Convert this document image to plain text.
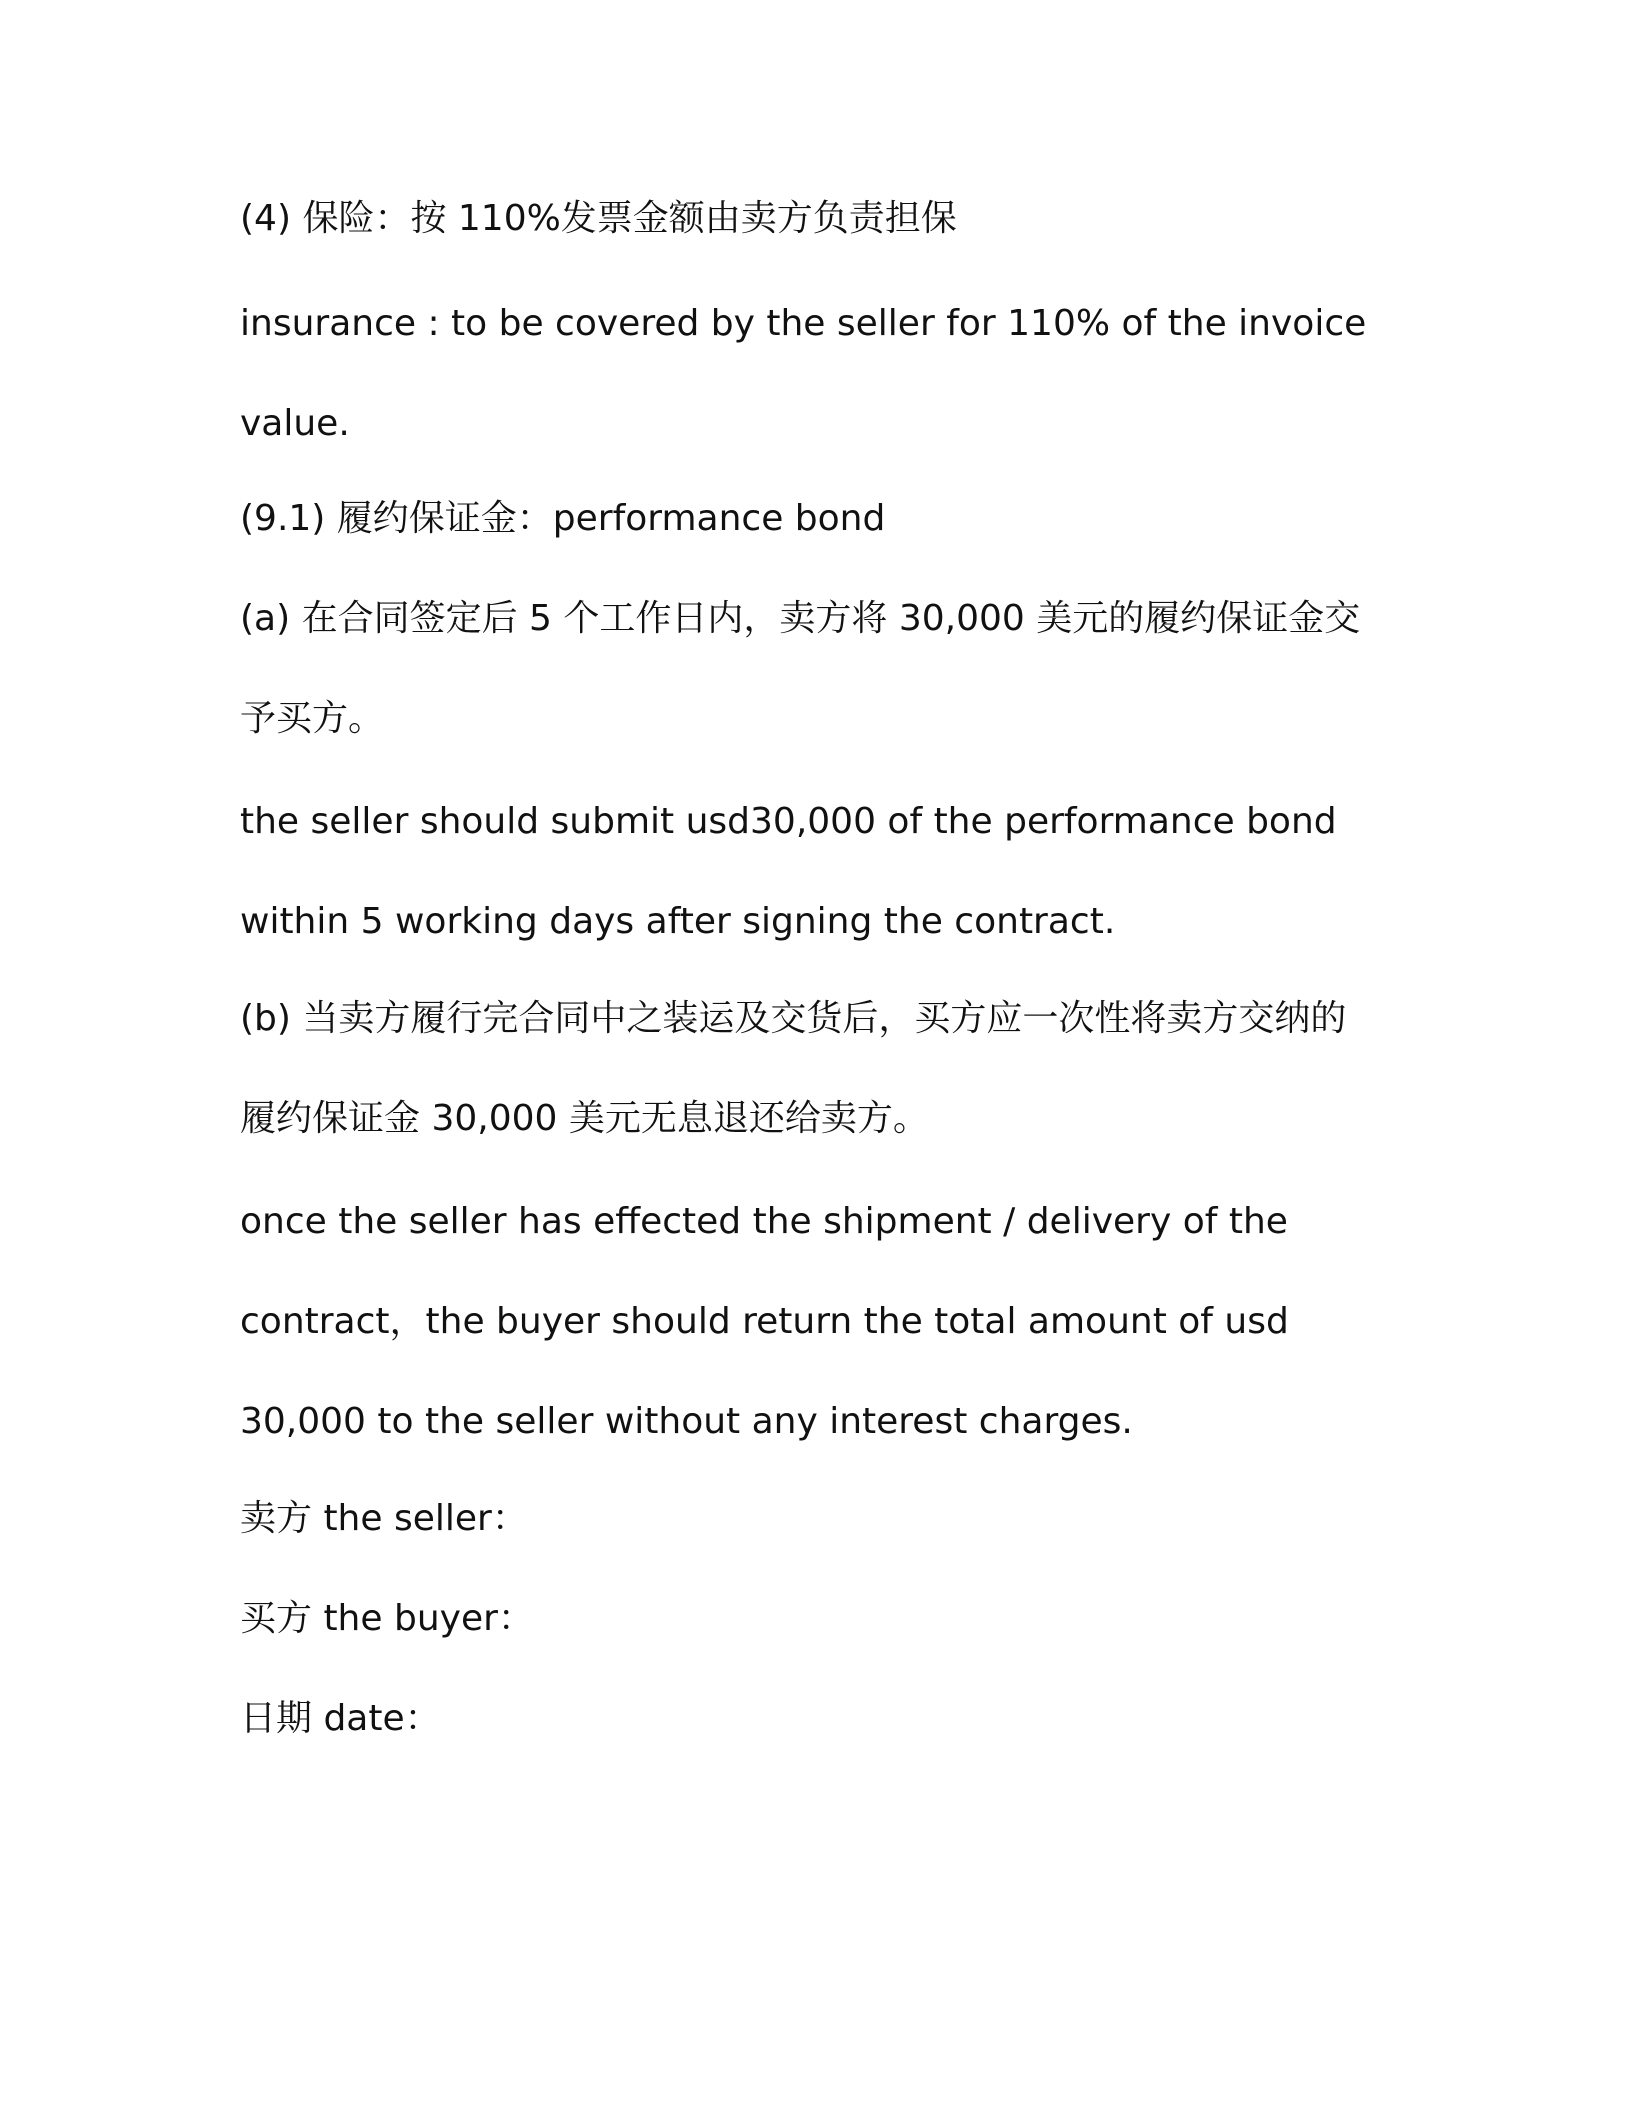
(4) 保险：按 110%发票金额由卖方负责担保

insurance : to be covered by the seller for 110% of the invoice

value.

(9.1) 履约保证金：performance bond

(a) 在合同签定后 5 个工作日内，卖方将 30,000 美元的履约保证金交

予买方。

the seller should submit usd30,000 of the performance bond

within 5 working days after signing the contract.

(b) 当卖方履行完合同中之装运及交货后，买方应一次性将卖方交纳的

履约保证金 30,000 美元无息退还给卖方。

once the seller has effected the shipment / delivery of the

contract，the buyer should return the total amount of usd

30,000 to the seller without any interest charges.

卖方 the seller：

买方 the buyer：

日期 date：
